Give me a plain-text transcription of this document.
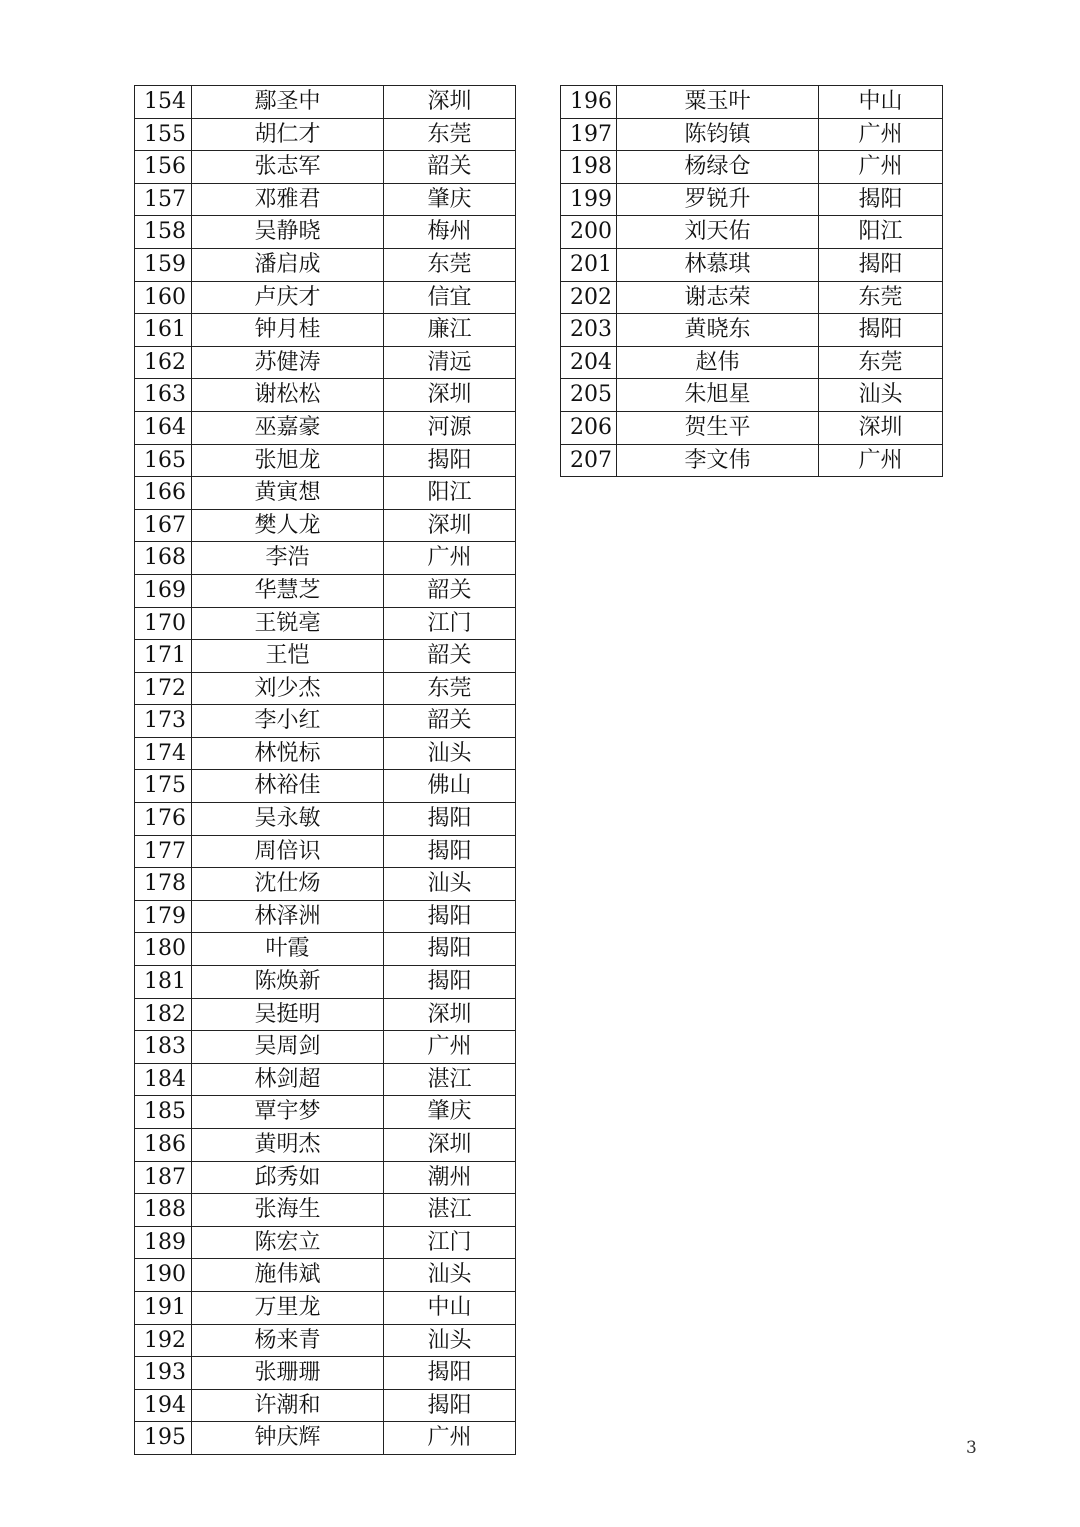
154	鄢圣中	深圳
155	胡仁才	东莞
156	张志军	韶关
157	邓雅君	肇庆
158	吴静晓	梅州
159	潘启成	东莞
160	卢庆才	信宜
161	钟月桂	廉江
162	苏健涛	清远
163	谢松松	深圳
164	巫嘉豪	河源
165	张旭龙	揭阳
166	黄寅想	阳江
167	樊人龙	深圳
168	李浩	广州
169	华慧芝	韶关
170	王锐亳	江门
171	王恺	韶关
172	刘少杰	东莞
173	李小红	韶关
174	林悦标	汕头
175	林裕佳	佛山
176	吴永敏	揭阳
177	周倍识	揭阳
178	沈仕炀	汕头
179	林泽洲	揭阳
180	叶霞	揭阳
181	陈焕新	揭阳
182	吴挺明	深圳
183	吴周剑	广州
184	林剑超	湛江
185	覃宇梦	肇庆
186	黄明杰	深圳
187	邱秀如	潮州
188	张海生	湛江
189	陈宏立	江门
190	施伟斌	汕头
191	万里龙	中山
192	杨来青	汕头
193	张珊珊	揭阳
194	许潮和	揭阳
195	钟庆辉	广州
196	粟玉叶	中山
197	陈钧镇	广州
198	杨绿仓	广州
199	罗锐升	揭阳
200	刘天佑	阳江
201	林慕琪	揭阳
202	谢志荣	东莞
203	黄晓东	揭阳
204	赵伟	东莞
205	朱旭星	汕头
206	贺生平	深圳
207	李文伟	广州
3
